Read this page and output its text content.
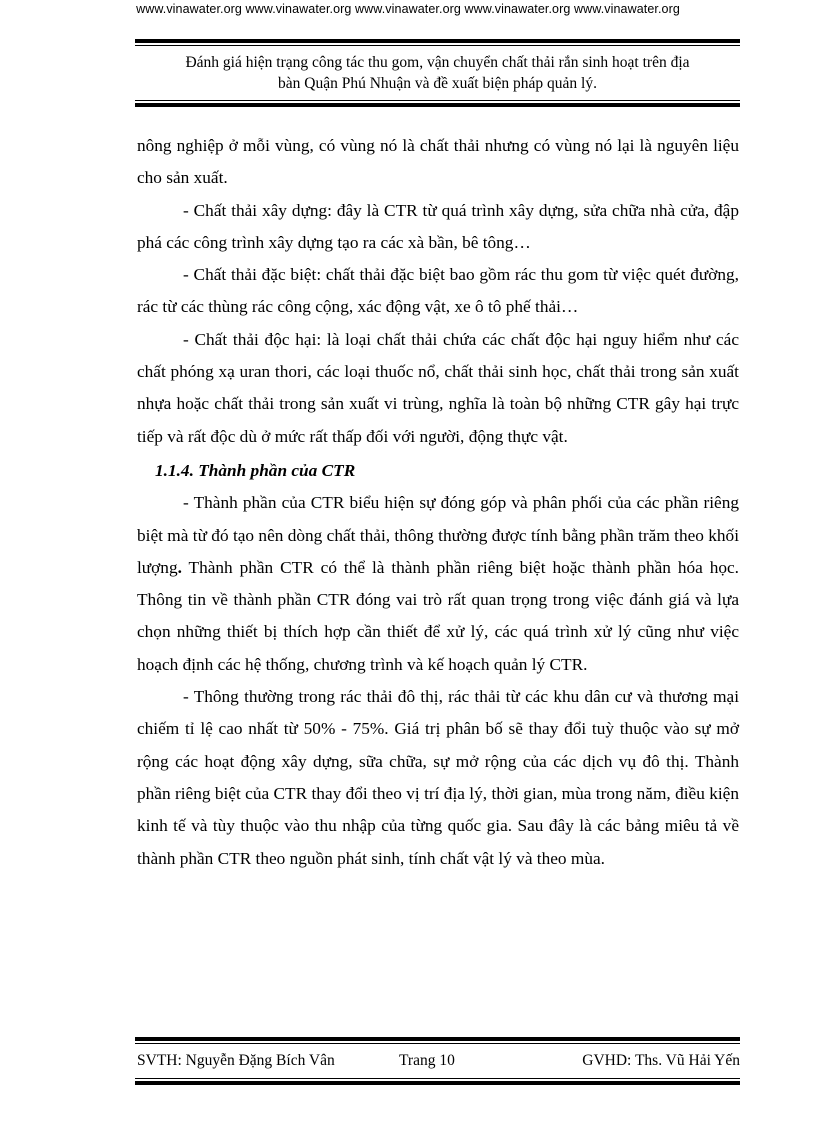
www.vinawater.org www.vinawater.org www.vinawater.org www.vinawater.org www.vinawater.org
Đánh giá hiện trạng công tác thu gom, vận chuyển chất thải rắn sinh hoạt trên địa
bàn Quận Phú Nhuận và đề xuất biện pháp quản lý.

nông nghiệp ở mỗi vùng, có vùng nó là chất thải nhưng có vùng nó lại là nguyên liệu cho sản xuất.

- Chất thải xây dựng: đây là CTR từ quá trình xây dựng, sửa chữa nhà cửa, đập phá các công trình xây dựng tạo ra các xà bần, bê tông…

- Chất thải đặc biệt: chất thải đặc biệt bao gồm rác thu gom từ việc quét đường, rác từ các thùng rác công cộng, xác động vật, xe ô tô phế thải…

- Chất thải độc hại: là loại chất thải chứa các chất độc hại nguy hiểm như các chất phóng xạ uran thori, các loại thuốc nổ, chất thải sinh học, chất thải trong sản xuất nhựa hoặc chất thải trong sản xuất vi trùng, nghĩa là toàn bộ những CTR gây hại trực tiếp và rất độc dù ở mức rất thấp đối với người, động thực vật.

1.1.4. Thành phần của CTR

- Thành phần của CTR biểu hiện sự đóng góp và phân phối của các phần riêng biệt mà từ đó tạo nên dòng chất thải, thông thường được tính bằng phần trăm theo khối lượng. Thành phần CTR có thể là thành phần riêng biệt hoặc thành phần hóa học. Thông tin về thành phần CTR đóng vai trò rất quan trọng trong việc đánh giá và lựa chọn những thiết bị thích hợp cần thiết để xử lý, các quá trình xử lý cũng như việc hoạch định các hệ thống, chương trình và kế hoạch quản lý CTR.

- Thông thường trong rác thải đô thị, rác thải từ các khu dân cư và thương mại chiếm tỉ lệ cao nhất từ 50% - 75%. Giá trị phân bố sẽ thay đổi tuỳ thuộc vào sự mở rộng các hoạt động xây dựng, sữa chữa, sự mở rộng của các dịch vụ đô thị. Thành phần riêng biệt của CTR thay đổi theo vị trí địa lý, thời gian, mùa trong năm, điều kiện kinh tế và tùy thuộc vào thu nhập của từng quốc gia. Sau đây là các bảng miêu tả về thành phần CTR theo nguồn phát sinh, tính chất vật lý và theo mùa.

SVTH: Nguyễn Đặng Bích Vân	Trang 10	GVHD: Ths. Vũ Hải Yến
